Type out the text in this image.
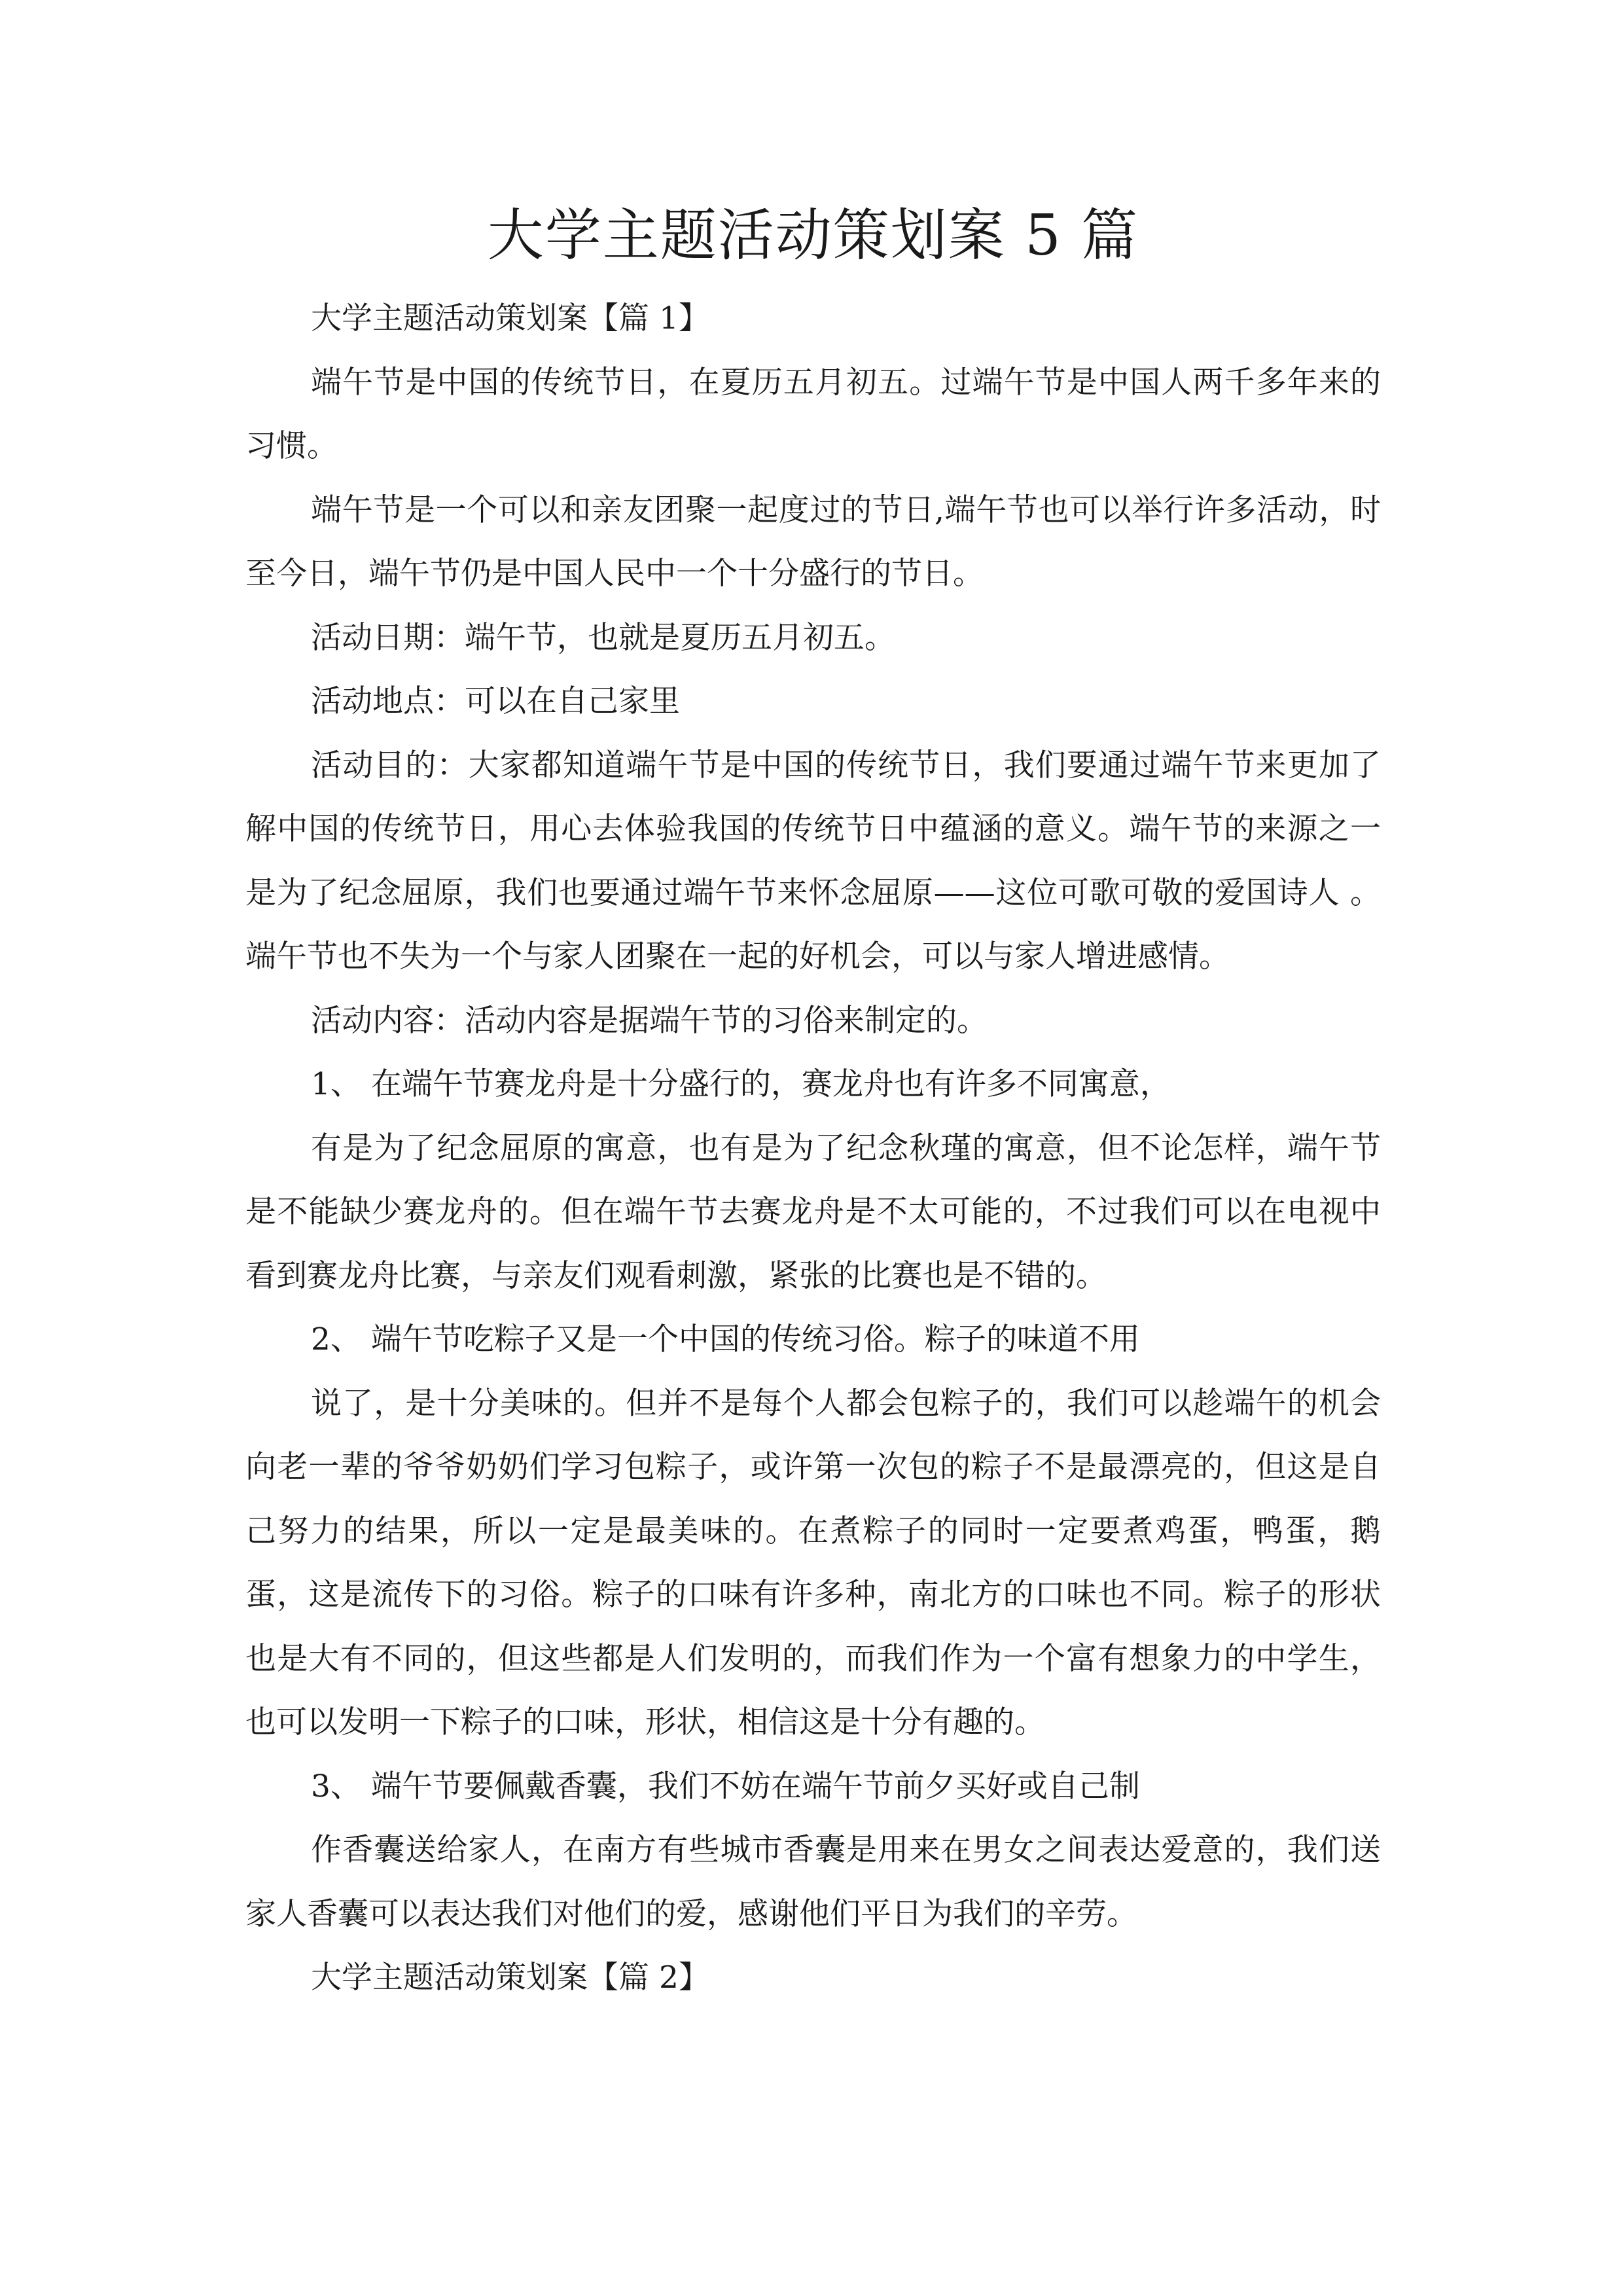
大学主题活动策划案 5 篇

大学主题活动策划案【篇 1】

端午节是中国的传统节日，在夏历五月初五。过端午节是中国人两千多年来的习惯。

端午节是一个可以和亲友团聚一起度过的节日,端午节也可以举行许多活动，时至今日，端午节仍是中国人民中一个十分盛行的节日。

活动日期：端午节，也就是夏历五月初五。

活动地点：可以在自己家里

活动目的：大家都知道端午节是中国的传统节日，我们要通过端午节来更加了解中国的传统节日，用心去体验我国的传统节日中蕴涵的意义。端午节的来源之一是为了纪念屈原，我们也要通过端午节来怀念屈原——这位可歌可敬的爱国诗人 。端午节也不失为一个与家人团聚在一起的好机会，可以与家人增进感情。

活动内容：活动内容是据端午节的习俗来制定的。

1、 在端午节赛龙舟是十分盛行的，赛龙舟也有许多不同寓意，

有是为了纪念屈原的寓意，也有是为了纪念秋瑾的寓意，但不论怎样，端午节是不能缺少赛龙舟的。但在端午节去赛龙舟是不太可能的，不过我们可以在电视中看到赛龙舟比赛，与亲友们观看刺激，紧张的比赛也是不错的。

2、 端午节吃粽子又是一个中国的传统习俗。粽子的味道不用

说了，是十分美味的。但并不是每个人都会包粽子的，我们可以趁端午的机会向老一辈的爷爷奶奶们学习包粽子，或许第一次包的粽子不是最漂亮的，但这是自己努力的结果，所以一定是最美味的。在煮粽子的同时一定要煮鸡蛋，鸭蛋，鹅蛋，这是流传下的习俗。粽子的口味有许多种，南北方的口味也不同。粽子的形状也是大有不同的，但这些都是人们发明的，而我们作为一个富有想象力的中学生，也可以发明一下粽子的口味，形状，相信这是十分有趣的。

3、 端午节要佩戴香囊，我们不妨在端午节前夕买好或自己制

作香囊送给家人，在南方有些城市香囊是用来在男女之间表达爱意的，我们送家人香囊可以表达我们对他们的爱，感谢他们平日为我们的辛劳。

大学主题活动策划案【篇 2】
